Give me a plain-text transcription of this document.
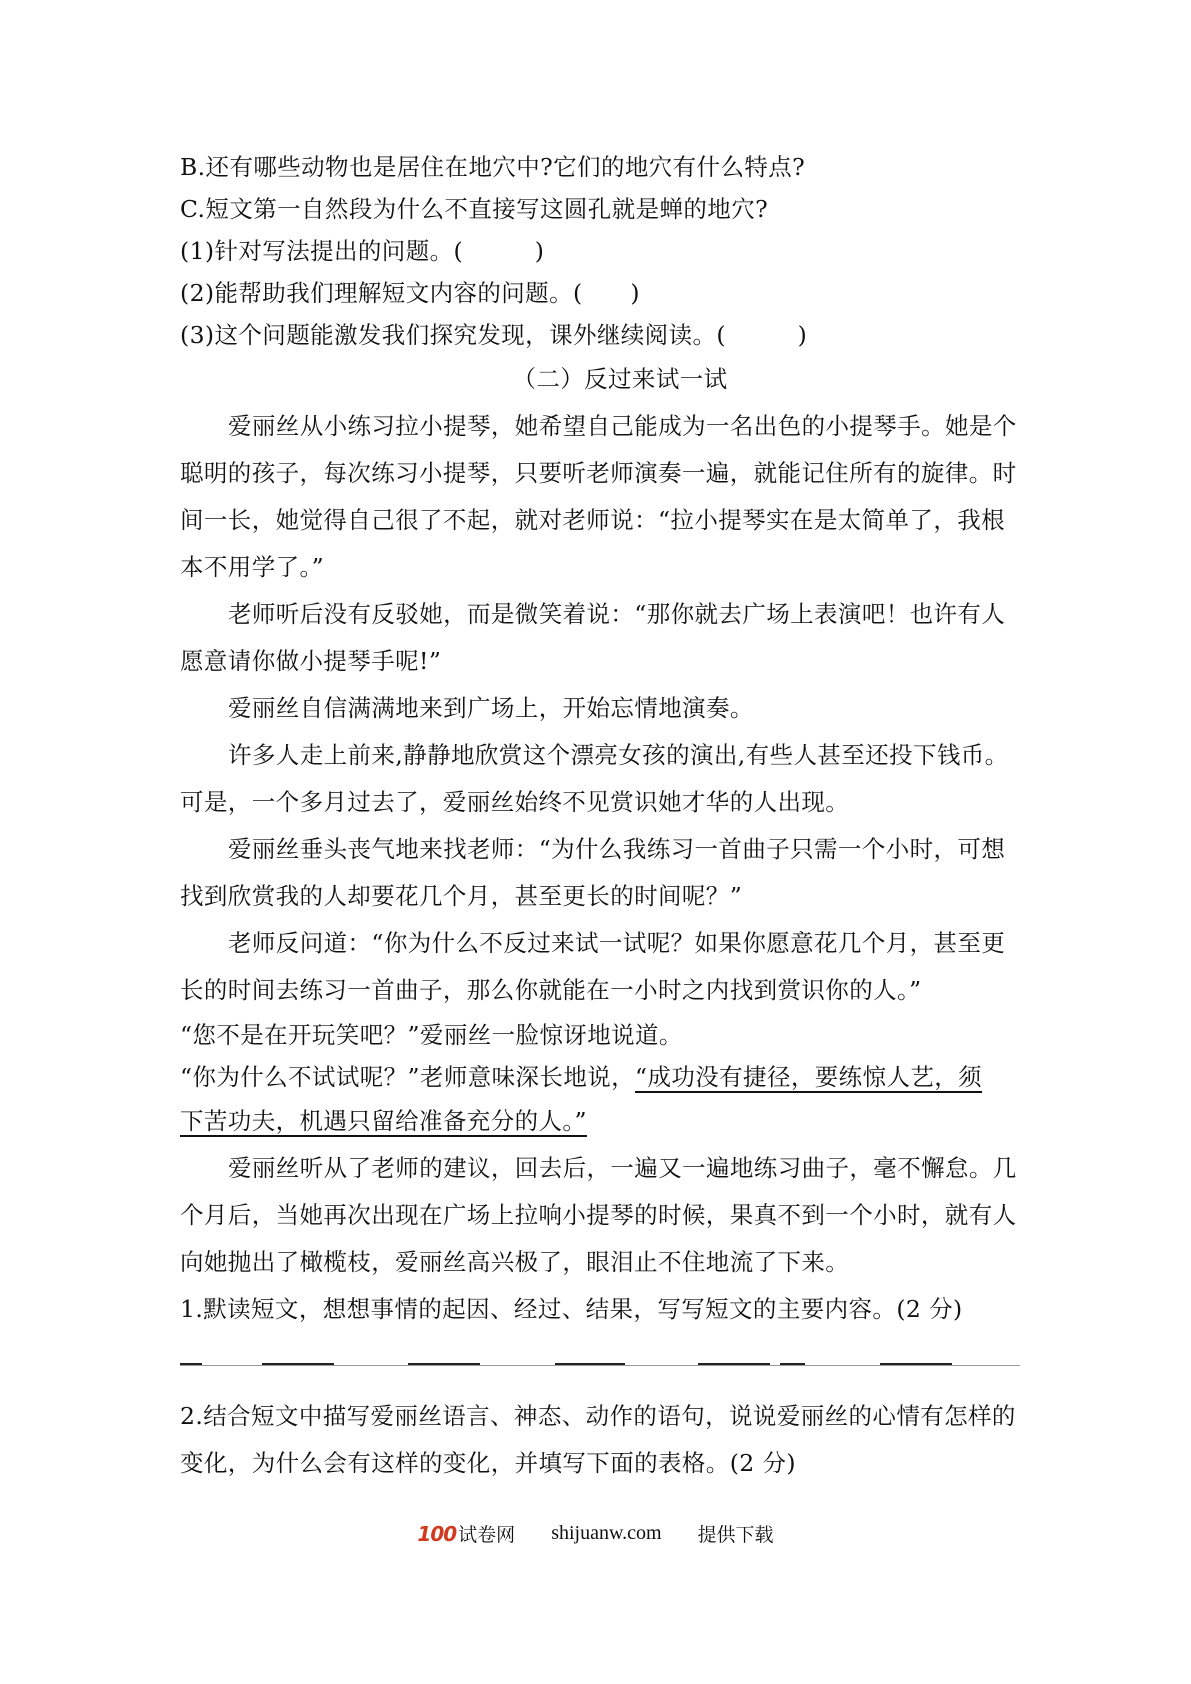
B.还有哪些动物也是居住在地穴中?它们的地穴有什么特点?
C.短文第一自然段为什么不直接写这圆孔就是蝉的地穴?
(1)针对写法提出的问题。(　　　)
(2)能帮助我们理解短文内容的问题。(　　)
(3)这个问题能激发我们探究发现，课外继续阅读。(　　　)
（二）反过来试一试
爱丽丝从小练习拉小提琴，她希望自己能成为一名出色的小提琴手。她是个
聪明的孩子，每次练习小提琴，只要听老师演奏一遍，就能记住所有的旋律。时
间一长，她觉得自己很了不起，就对老师说：“拉小提琴实在是太简单了，我根
本不用学了。”
老师听后没有反驳她，而是微笑着说：“那你就去广场上表演吧！也许有人
愿意请你做小提琴手呢!”
爱丽丝自信满满地来到广场上，开始忘情地演奏。
许多人走上前来,静静地欣赏这个漂亮女孩的演出,有些人甚至还投下钱币。
可是，一个多月过去了，爱丽丝始终不见赏识她才华的人出现。
爱丽丝垂头丧气地来找老师：“为什么我练习一首曲子只需一个小时，可想
找到欣赏我的人却要花几个月，甚至更长的时间呢？”
老师反问道：“你为什么不反过来试一试呢？如果你愿意花几个月，甚至更
长的时间去练习一首曲子，那么你就能在一小时之内找到赏识你的人。”
“您不是在开玩笑吧？”爱丽丝一脸惊讶地说道。
“你为什么不试试呢？”老师意味深长地说，“成功没有捷径，要练惊人艺，须
下苦功夫，机遇只留给准备充分的人。”
爱丽丝听从了老师的建议，回去后，一遍又一遍地练习曲子，毫不懈怠。几
个月后，当她再次出现在广场上拉响小提琴的时候，果真不到一个小时，就有人
向她抛出了橄榄枝，爱丽丝高兴极了，眼泪止不住地流了下来。
1.默读短文，想想事情的起因、经过、结果，写写短文的主要内容。(2 分)
2.结合短文中描写爱丽丝语言、神态、动作的语句，说说爱丽丝的心情有怎样的
变化，为什么会有这样的变化，并填写下面的表格。(2 分)
100 试卷网 shijuanw.com 提供下载
